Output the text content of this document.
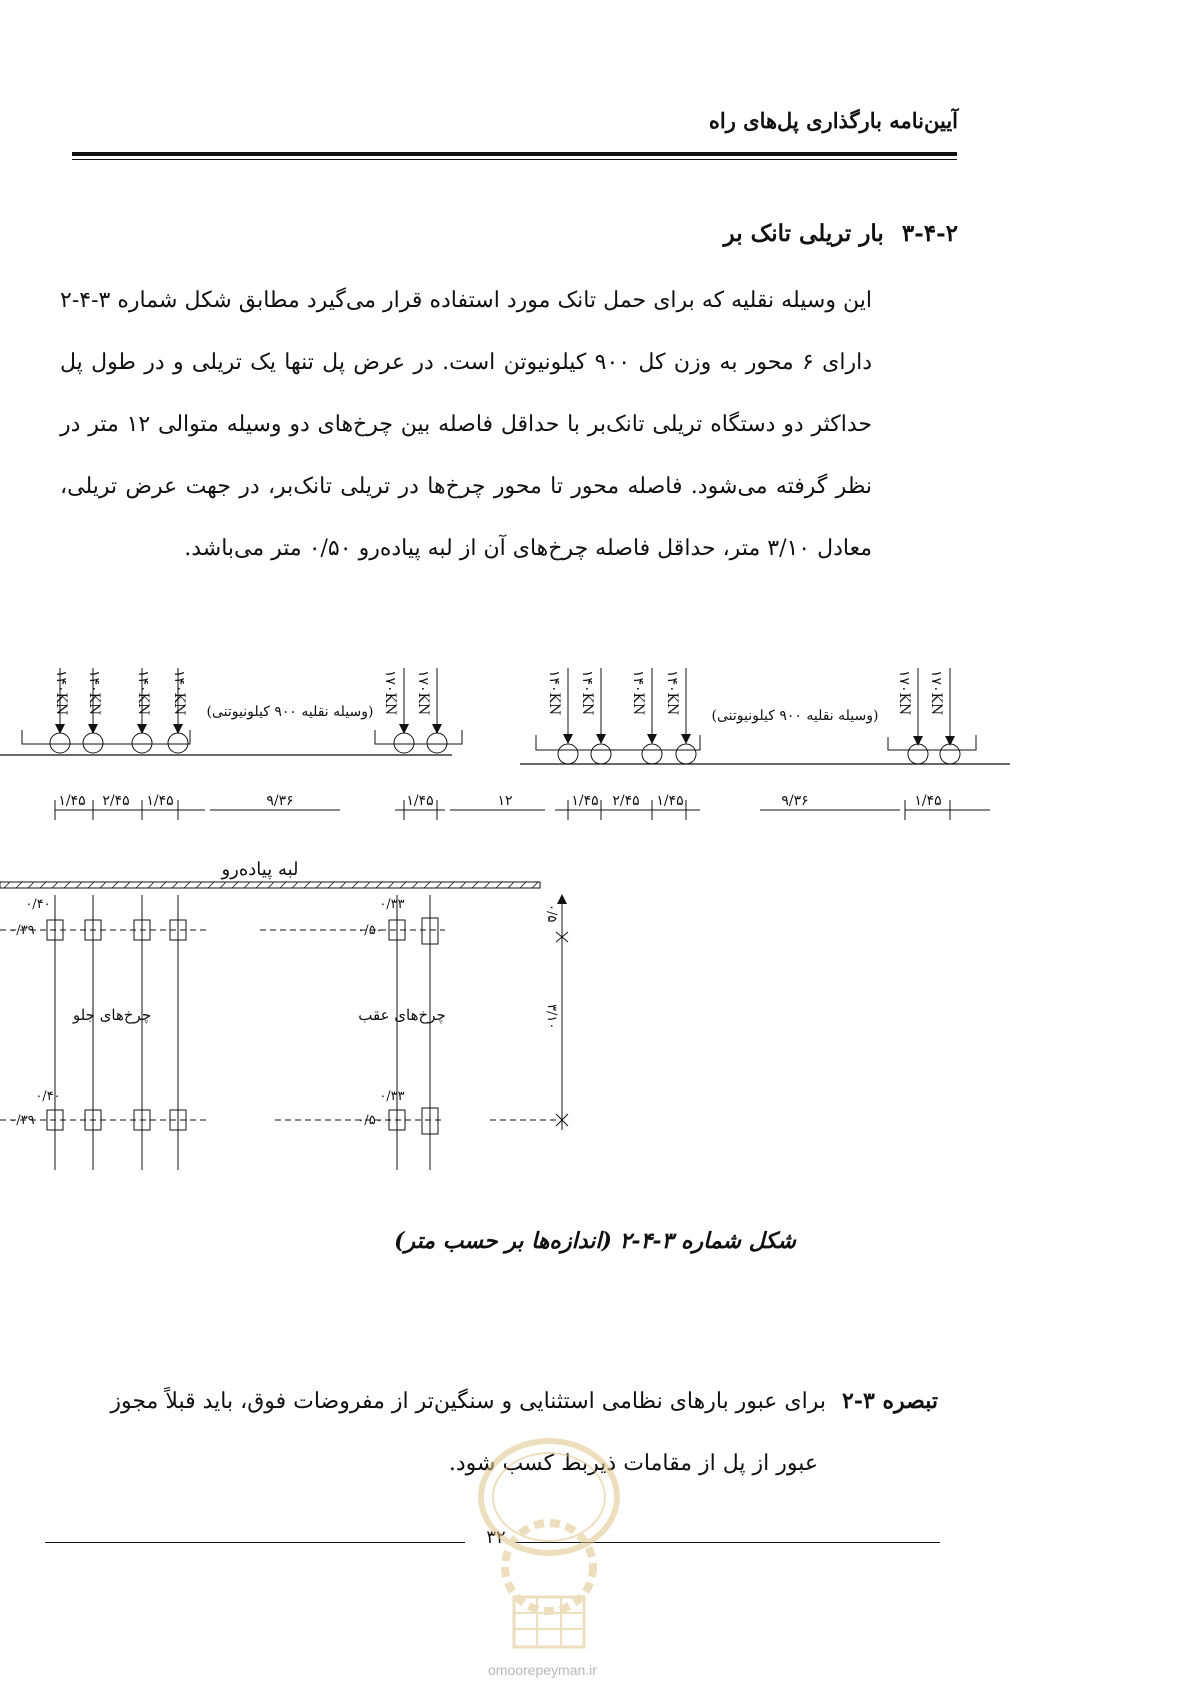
آیین‌نامه بارگذاری پل‌های راه
۳-۴-۲بار تریلی تانک بر

این وسیله نقلیه که برای حمل تانک مورد استفاده قرار می‌گیرد مطابق شکل شماره ۳-۴-۲ دارای ۶ محور به وزن کل ۹۰۰ کیلونیوتن است. در عرض پل تنها یک تریلی و در طول پل حداکثر دو دستگاه تریلی تانک‌بر با حداقل فاصله بین چرخ‌های دو وسیله متوالی ۱۲ متر در نظر گرفته می‌شود. فاصله محور تا محور چرخ‌ها در تریلی تانک‌بر، در جهت عرض تریلی، معادل ۳/۱۰ متر، حداقل فاصله چرخ‌های آن از لبه پیاده‌رو ۰/۵۰ متر می‌باشد.

۱۴۰KN ۱۴۰KN ۱۴۰KN ۱۴۰KN (وسیله نقلیه ۹۰۰ کیلونیوتنی) ۱۷۰KN ۱۷۰KN	۱۴۰KN ۱۴۰KN	۱۴۰KN ۱۴۰KN
(وسیله نقلیه ۹۰۰ کیلونیوتنی)
۱۷۰KN ۱۷۰KN
۱/۴۵ ۲/۴۵ ۱/۴۵	۹/۳۶	۱/۴۵	۱۲	۱/۴۵ ۲/۴۵ ۱/۴۵	۹/۳۶	۱/۴۵
لبه پیاده‌رو
۰/۴۰
۰/۳۹
۰/۳۳
۰/۵۰
چرخ‌های جلو	چرخ‌های عقب
۰/۴۰
۰/۳۹
۰/۳۳
۰/۵۰
۰/۵
۳/۱۰
شکل شماره ۳-۴-۲ (اندازه‌ها بر حسب متر)
تبصره ۳-۲برای عبور بارهای نظامی استثنایی و سنگین‌تر از مفروضات فوق، باید قبلاً مجوز
عبور از پل از مقامات ذیربط کسب شود.
۳۲
omoorepeyman.ir
